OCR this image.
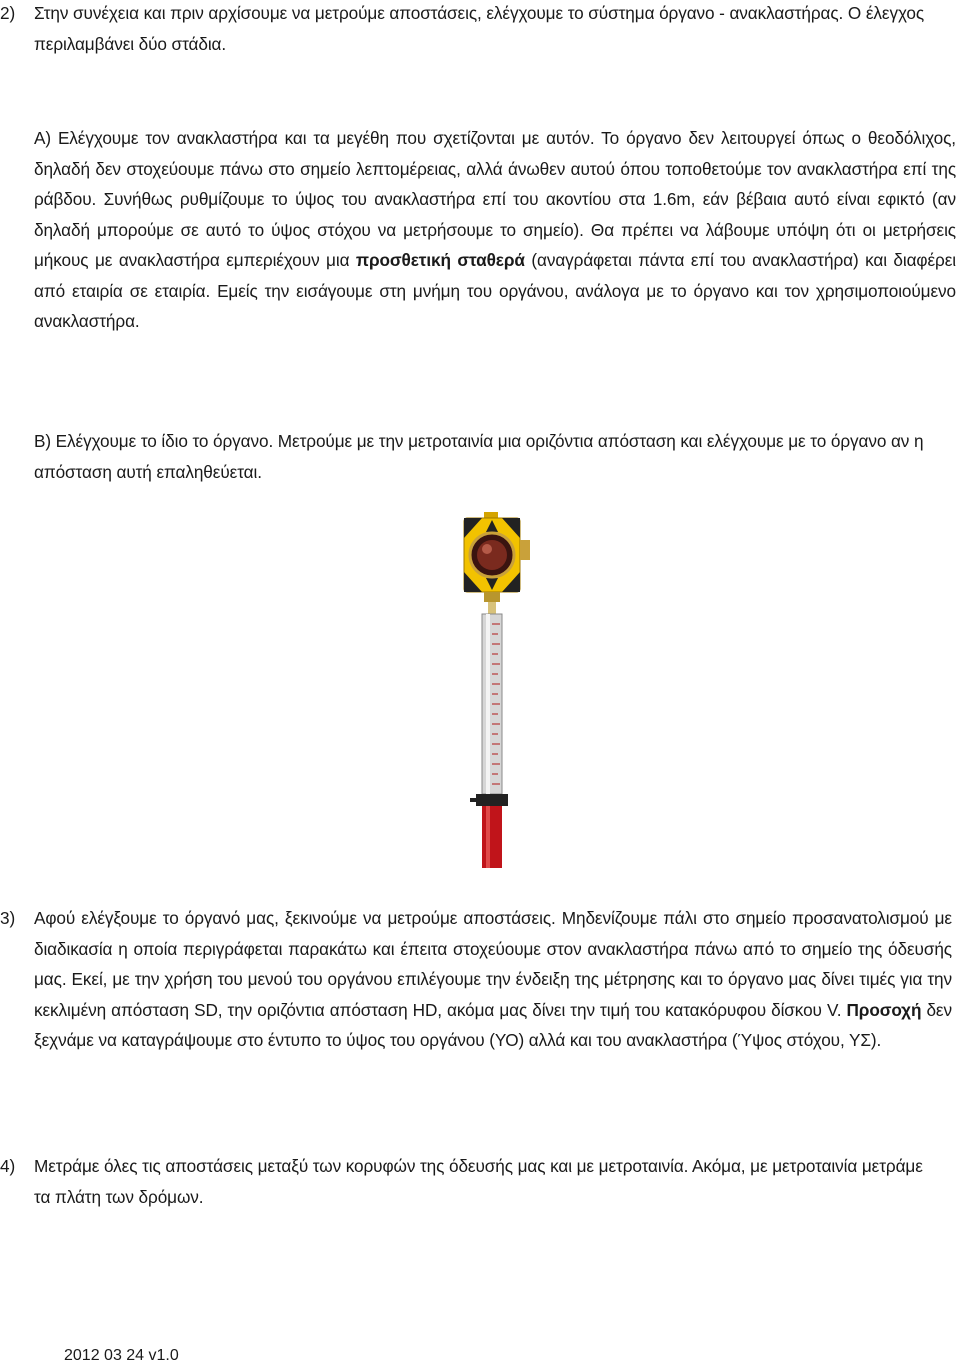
2) Στην συνέχεια και πριν αρχίσουμε να μετρούμε αποστάσεις, ελέγχουμε το σύστημα όργανο - ανακλαστήρας. Ο έλεγχος περιλαμβάνει δύο στάδια.

Α) Ελέγχουμε τον ανακλαστήρα και τα μεγέθη που σχετίζονται με αυτόν. Το όργανο δεν λειτουργεί όπως ο θεοδόλιχος, δηλαδή δεν στοχεύουμε πάνω στο σημείο λεπτομέρειας, αλλά άνωθεν αυτού όπου τοποθετούμε τον ανακλαστήρα επί της ράβδου. Συνήθως ρυθμίζουμε το ύψος του ανακλαστήρα επί του ακοντίου στα 1.6m, εάν βέβαια αυτό είναι εφικτό (αν δηλαδή μπορούμε σε αυτό το ύψος στόχου να μετρήσουμε το σημείο). Θα πρέπει να λάβουμε υπόψη ότι οι μετρήσεις μήκους με ανακλαστήρα εμπεριέχουν μια προσθετική σταθερά (αναγράφεται πάντα επί του ανακλαστήρα) και διαφέρει από εταιρία σε εταιρία. Εμείς την εισάγουμε στη μνήμη του οργάνου, ανάλογα με το όργανο και τον χρησιμοποιούμενο ανακλαστήρα.

Β) Ελέγχουμε το ίδιο το όργανο. Μετρούμε με την μετροταινία μια οριζόντια απόσταση και ελέγχουμε με το όργανο αν η απόσταση αυτή επαληθεύεται.

3) Αφού ελέγξουμε το όργανό μας, ξεκινούμε να μετρούμε αποστάσεις. Μηδενίζουμε πάλι στο σημείο προσανατολισμού με διαδικασία η οποία περιγράφεται παρακάτω και έπειτα στοχεύουμε στον ανακλαστήρα πάνω από το σημείο της όδευσής μας. Εκεί, με την χρήση του μενού του οργάνου επιλέγουμε την ένδειξη της μέτρησης και το όργανο μας δίνει τιμές για την κεκλιμένη απόσταση SD, την οριζόντια απόσταση HD, ακόμα μας δίνει την τιμή του κατακόρυφου δίσκου V. Προσοχή δεν ξεχνάμε να καταγράψουμε στο έντυπο το ύψος του οργάνου (ΥΟ) αλλά και του ανακλαστήρα (Ύψος στόχου, ΥΣ).

4) Μετράμε όλες τις αποστάσεις μεταξύ των κορυφών της όδευσής μας και με μετροταινία. Ακόμα, με μετροταινία μετράμε τα πλάτη των δρόμων.

2012 03 24 v1.0
